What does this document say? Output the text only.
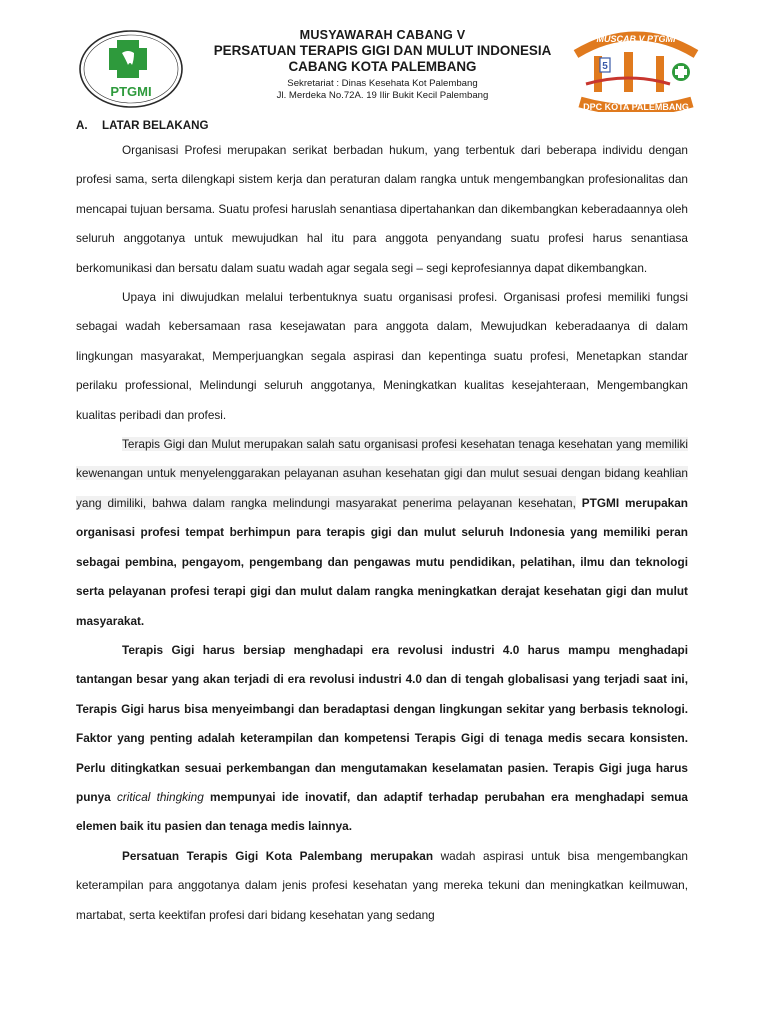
PTGMI
MUSYAWARAH CABANG V
PERSATUAN TERAPIS GIGI DAN MULUT INDONESIA
CABANG KOTA PALEMBANG
Sekretariat : Dinas Kesehata Kot Palembang
Jl. Merdeka No.72A. 19 Ilir Bukit Kecil Palembang
MUSCAB V PTGMI
5
DPC KOTA PALEMBANG
A. LATAR BELAKANG

Organisasi Profesi merupakan serikat berbadan hukum, yang terbentuk dari beberapa individu dengan profesi sama, serta dilengkapi sistem kerja dan peraturan dalam rangka untuk mengembangkan profesionalitas dan mencapai tujuan bersama. Suatu profesi haruslah senantiasa dipertahankan dan dikembangkan keberadaannya oleh seluruh anggotanya untuk mewujudkan hal itu para anggota penyandang suatu profesi harus senantiasa berkomunikasi dan bersatu dalam suatu wadah agar segala segi – segi keprofesiannya dapat dikembangkan.

Upaya ini diwujudkan melalui terbentuknya suatu organisasi profesi. Organisasi profesi memiliki fungsi sebagai wadah kebersamaan rasa kesejawatan para anggota dalam, Mewujudkan keberadaanya di dalam lingkungan masyarakat, Memperjuangkan segala aspirasi dan kepentinga suatu profesi, Menetapkan standar perilaku professional, Melindungi seluruh anggotanya, Meningkatkan kualitas kesejahteraan, Mengembangkan kualitas peribadi dan profesi.

Terapis Gigi dan Mulut merupakan salah satu organisasi profesi kesehatan tenaga kesehatan yang memiliki kewenangan untuk menyelenggarakan pelayanan asuhan kesehatan gigi dan mulut sesuai dengan bidang keahlian yang dimiliki, bahwa dalam rangka melindungi masyarakat penerima pelayanan kesehatan, PTGMI merupakan organisasi profesi tempat berhimpun para terapis gigi dan mulut seluruh Indonesia yang memiliki peran sebagai pembina, pengayom, pengembang dan pengawas mutu pendidikan, pelatihan, ilmu dan teknologi serta pelayanan profesi terapi gigi dan mulut dalam rangka meningkatkan derajat kesehatan gigi dan mulut masyarakat.

Terapis Gigi harus bersiap menghadapi era revolusi industri 4.0 harus mampu menghadapi tantangan besar yang akan terjadi di era revolusi industri 4.0 dan di tengah globalisasi yang terjadi saat ini, Terapis Gigi harus bisa menyeimbangi dan beradaptasi dengan lingkungan sekitar yang berbasis teknologi. Faktor yang penting adalah keterampilan dan kompetensi Terapis Gigi di tenaga medis secara konsisten. Perlu ditingkatkan sesuai perkembangan dan mengutamakan keselamatan pasien. Terapis Gigi juga harus punya critical thingking mempunyai ide inovatif, dan adaptif terhadap perubahan era menghadapi semua elemen baik itu pasien dan tenaga medis lainnya.

Persatuan Terapis Gigi Kota Palembang merupakan wadah aspirasi untuk bisa mengembangkan keterampilan para anggotanya dalam jenis profesi kesehatan yang mereka tekuni dan meningkatkan keilmuwan, martabat, serta keektifan profesi dari bidang kesehatan yang sedang
